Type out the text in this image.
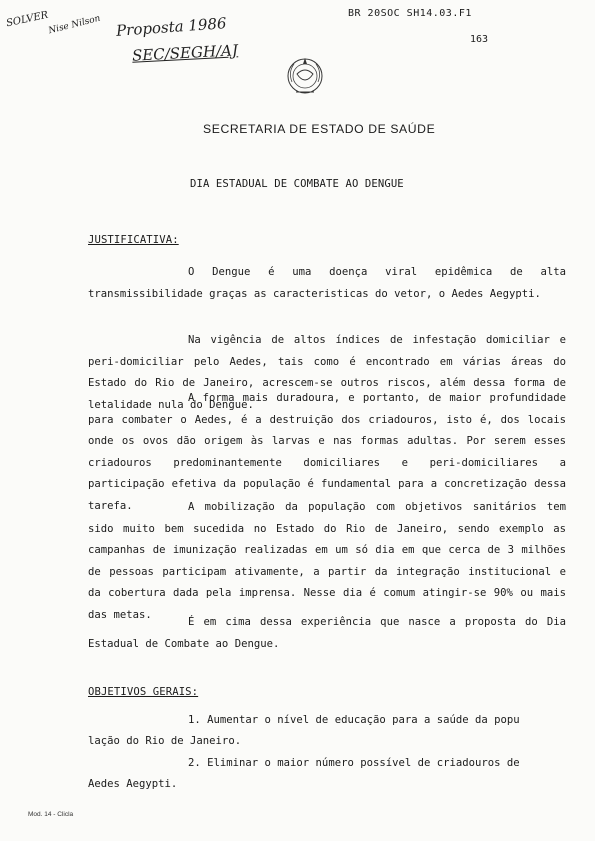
SOLVER
Nise Nilson Propostа 1986
SEC/SEGH/AJ
BR 20SOC SH14.03.F1
163
SECRETARIA DE ESTADO DE SAÚDE
DIA ESTADUAL DE COMBATE AO DENGUE
JUSTIFICATIVA:
O Dengue é uma doença viral epidêmica de alta transmissibilidade graças as caracteristicas do vetor, o Aedes Aegypti.
Na vigência de altos índices de infestação domiciliar e peri-domiciliar pelo Aedes, tais como é encontrado em várias áreas do Estado do Rio de Janeiro, acrescem-se outros riscos, além dessa forma de letalidade nula do Dengue.
A forma mais duradoura, e portanto, de maior profundidade para combater o Aedes, é a destruição dos criadouros, isto é, dos locais onde os ovos dão origem às larvas e nas formas adultas. Por serem esses criadouros predominantemente domiciliares e peri-domiciliares a participação efetiva da população é fundamental para a concretização dessa tarefa.	A mobilização da população com objetivos sanitários tem sido muito bem sucedida no Estado do Rio de Janeiro, sendo exemplo as campanhas de imunização realizadas em um só dia em que cerca de 3 milhões de pessoas participam ativamente, a partir da integração institucional e da cobertura dada pela imprensa. Nesse dia é comum atingir-se 90% ou mais das metas.
É em cima dessa experiência que nasce a proposta do Dia Estadual de Combate ao Dengue.
OBJETIVOS GERAIS:
1. Aumentar o nível de educação para a saúde da popu
lação do Rio de Janeiro.
2. Eliminar o maior número possível de criadouros de
Aedes Aegypti.
Mod. 14 - Clicla
